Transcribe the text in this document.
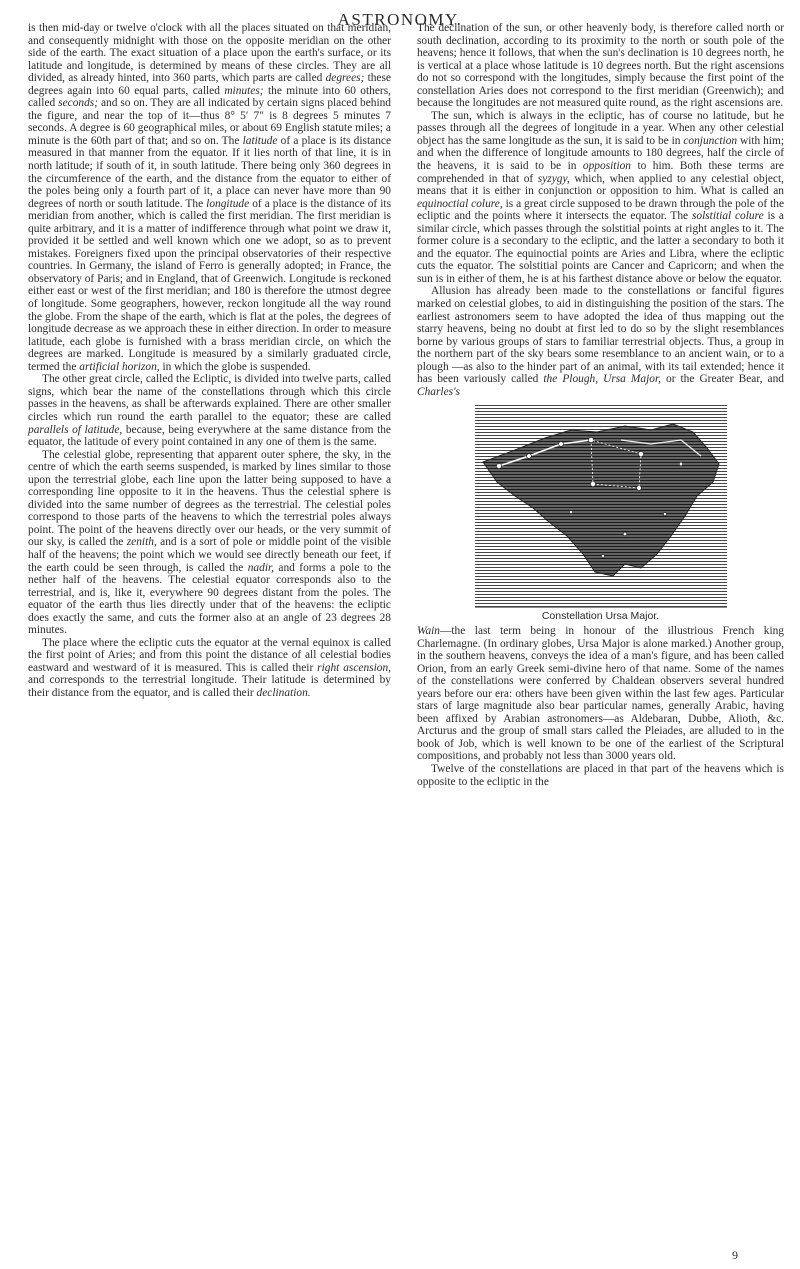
ASTRONOMY.

is then mid-day or twelve o'clock with all the places situated on that meridian, and consequently midnight with those on the opposite meridian on the other side of the earth. The exact situation of a place upon the earth's surface, or its latitude and longitude, is determined by means of these circles. They are all divided, as already hinted, into 360 parts, which parts are called degrees; these degrees again into 60 equal parts, called minutes; the minute into 60 others, called seconds; and so on. They are all indicated by certain signs placed behind the figure, and near the top of it—thus 8° 5′ 7″ is 8 degrees 5 minutes 7 seconds. A degree is 60 geographical miles, or about 69 English statute miles; a minute is the 60th part of that; and so on. The latitude of a place is its distance measured in that manner from the equator. If it lies north of that line, it is in north latitude; if south of it, in south latitude. There being only 360 degrees in the circumference of the earth, and the distance from the equator to either of the poles being only a fourth part of it, a place can never have more than 90 degrees of north or south latitude. The longitude of a place is the distance of its meridian from another, which is called the first meridian. The first meridian is quite arbitrary, and it is a matter of indifference through what point we draw it, provided it be settled and well known which one we adopt, so as to prevent mistakes. Foreigners fixed upon the principal observatories of their respective countries. In Germany, the island of Ferro is generally adopted; in France, the observatory of Paris; and in England, that of Greenwich. Longitude is reckoned either east or west of the first meridian; and 180 is therefore the utmost degree of longitude. Some geographers, however, reckon longitude all the way round the globe. From the shape of the earth, which is flat at the poles, the degrees of longitude decrease as we approach these in either direction. In order to measure latitude, each globe is furnished with a brass meridian circle, on which the degrees are marked. Longitude is measured by a similarly graduated circle, termed the artificial horizon, in which the globe is suspended.

The other great circle, called the Ecliptic, is divided into twelve parts, called signs, which bear the name of the constellations through which this circle passes in the heavens, as shall be afterwards explained. There are other smaller circles which run round the earth parallel to the equator; these are called parallels of latitude, because, being everywhere at the same distance from the equator, the latitude of every point contained in any one of them is the same.

The celestial globe, representing that apparent outer sphere, the sky, in the centre of which the earth seems suspended, is marked by lines similar to those upon the terrestrial globe, each line upon the latter being supposed to have a corresponding line opposite to it in the heavens. Thus the celestial sphere is divided into the same number of degrees as the terrestrial. The celestial poles correspond to those parts of the heavens to which the terrestrial poles always point. The point of the heavens directly over our heads, or the very summit of our sky, is called the zenith, and is a sort of pole or middle point of the visible half of the heavens; the point which we would see directly beneath our feet, if the earth could be seen through, is called the nadir, and forms a pole to the nether half of the heavens. The celestial equator corresponds also to the terrestrial, and is, like it, everywhere 90 degrees distant from the poles. The equator of the earth thus lies directly under that of the heavens: the ecliptic does exactly the same, and cuts the former also at an angle of 23 degrees 28 minutes.

The place where the ecliptic cuts the equator at the vernal equinox is called the first point of Aries; and from this point the distance of all celestial bodies eastward and westward of it is measured. This is called their right ascension, and corresponds to the terrestrial longitude. Their latitude is determined by their distance from the equator, and is called their declination.

The declination of the sun, or other heavenly body, is therefore called north or south declination, according to its proximity to the north or south pole of the heavens; hence it follows, that when the sun's declination is 10 degrees north, he is vertical at a place whose latitude is 10 degrees north. But the right ascensions do not so correspond with the longitudes, simply because the first point of the constellation Aries does not correspond to the first meridian (Greenwich); and because the longitudes are not measured quite round, as the right ascensions are.

The sun, which is always in the ecliptic, has of course no latitude, but he passes through all the degrees of longitude in a year. When any other celestial object has the same longitude as the sun, it is said to be in conjunction with him; and when the difference of longitude amounts to 180 degrees, half the circle of the heavens, it is said to be in opposition to him. Both these terms are comprehended in that of syzygy, which, when applied to any celestial object, means that it is either in conjunction or opposition to him. What is called an equinoctial colure, is a great circle supposed to be drawn through the pole of the ecliptic and the points where it intersects the equator. The solstitial colure is a similar circle, which passes through the solstitial points at right angles to it. The former colure is a secondary to the ecliptic, and the latter a secondary to both it and the equator. The equinoctial points are Aries and Libra, where the ecliptic cuts the equator. The solstitial points are Cancer and Capricorn; and when the sun is in either of them, he is at his farthest distance above or below the equator.

Allusion has already been made to the constellations or fanciful figures marked on celestial globes, to aid in distinguishing the position of the stars. The earliest astronomers seem to have adopted the idea of thus mapping out the starry heavens, being no doubt at first led to do so by the slight resemblances borne by various groups of stars to familiar terrestrial objects. Thus, a group in the northern part of the sky bears some resemblance to an ancient wain, or to a plough —as also to the hinder part of an animal, with its tail extended; hence it has been variously called the Plough, Ursa Major, or the Greater Bear, and Charles's

Constellation Ursa Major.

Wain—the last term being in honour of the illustrious French king Charlemagne. (In ordinary globes, Ursa Major is alone marked.) Another group, in the southern heavens, conveys the idea of a man's figure, and has been called Orion, from an early Greek semi-divine hero of that name. Some of the names of the constellations were conferred by Chaldean observers several hundred years before our era: others have been given within the last few ages. Particular stars of large magnitude also bear particular names, generally Arabic, having been affixed by Arabian astronomers—as Aldebaran, Dubbe, Alioth, &c. Arcturus and the group of small stars called the Pleiades, are alluded to in the book of Job, which is well known to be one of the earliest of the Scriptural compositions, and probably not less than 3000 years old.

Twelve of the constellations are placed in that part of the heavens which is opposite to the ecliptic in the

9
